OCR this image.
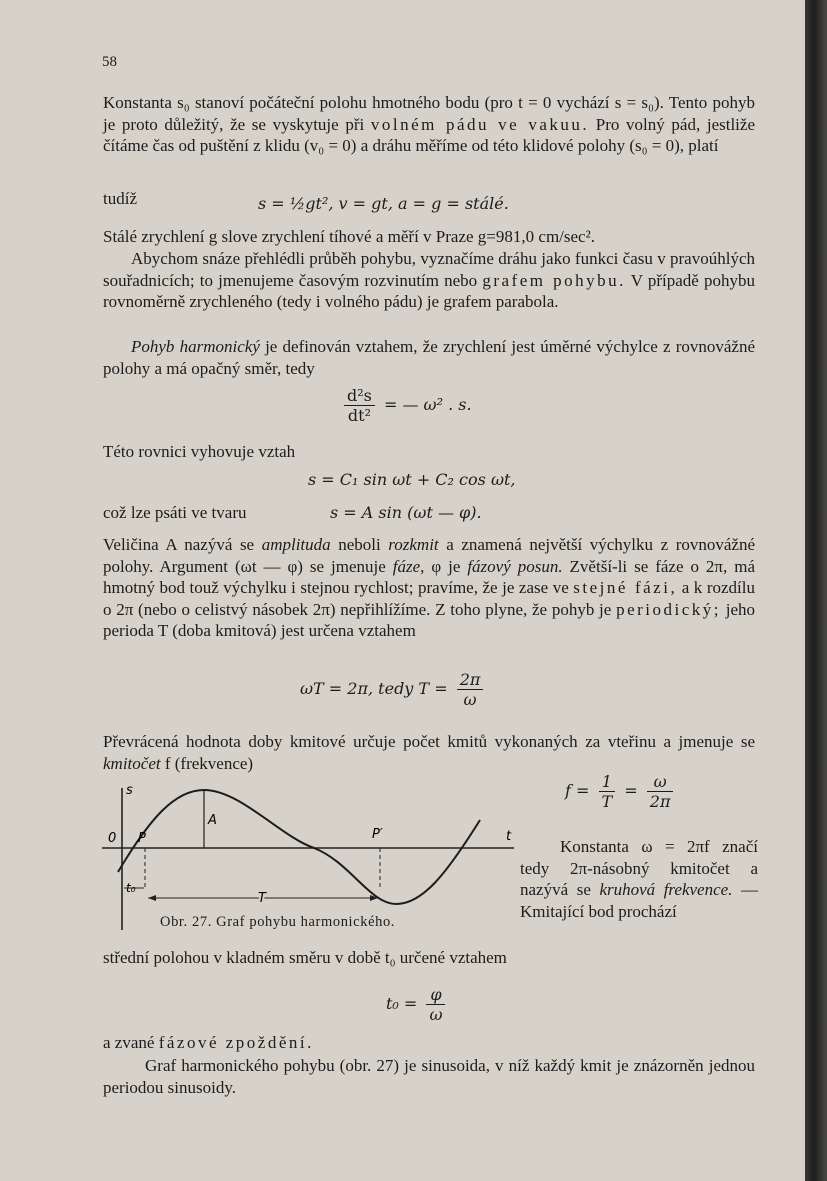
58

Konstanta s₀ stanoví počáteční polohu hmotného bodu (pro t = 0 vychází s = s₀). Tento pohyb je proto důležitý, že se vyskytuje při volném pádu ve vakuu. Pro volný pád, jestliže čítáme čas od puštění z klidu (v₀ = 0) a dráhu měříme od této klidové polohy (s₀ = 0), platí

tudíž	s = ½gt², v = gt, a = g = stálé.

Stálé zrychlení g slove zrychlení tíhové a měří v Praze g=981,0 cm/sec².

Abychom snáze přehlédli průběh pohybu, vyznačíme dráhu jako funkci času v pravoúhlých souřadnicích; to jmenujeme časovým rozvinutím nebo grafem pohybu. V případě pohybu rovnoměrně zrychleného (tedy i volného pádu) je grafem parabola.

Pohyb harmonický je definován vztahem, že zrychlení jest úměrné výchylce z rovnovážné polohy a má opačný směr, tedy

$\frac{\text{d²s}}{\text{dt²}}$ = — ω² . s.
Této rovnici vyhovuje vztah
s = C₁ sin ωt + C₂ cos ωt,
což lze psáti ve tvaru	s = A sin (ωt — φ).

Veličina A nazývá se amplituda neboli rozkmit a znamená největší výchylku z rovnovážné polohy. Argument (ωt — φ) se jmenuje fáze, φ je fázový posun. Zvětší-li se fáze o 2π, má hmotný bod touž výchylku i stejnou rychlost; pravíme, že je zase ve stejné fázi, a k rozdílu o 2π (nebo o celistvý násobek 2π) nepřihlížíme. Z toho plyne, že pohyb je periodický; jeho perioda T (doba kmitová) jest určena vztahem

ωT = 2π, tedy $T = \frac{2\pi}{\omega}$

Převrácená hodnota doby kmitové určuje počet kmitů vykonaných za vteřinu a jmenuje se kmitočet f (frekvence)

$f = \frac{1}{T} = \frac{\omega}{2\pi}$
s
0 P
A
P′	t
t₀
T
Obr. 27. Graf pohybu harmonického.

Konstanta ω = 2πf značí tedy 2π-násobný kmitočet a nazývá se kruhová frekvence. — Kmitající bod prochází

střední polohou v kladném směru v době t₀ určené vztahem
$t_0 = \frac{\varphi}{\omega}$
a zvané fázové zpoždění.

Graf harmonického pohybu (obr. 27) je sinusoida, v níž každý kmit je znázorněn jednou periodou sinusoidy.
